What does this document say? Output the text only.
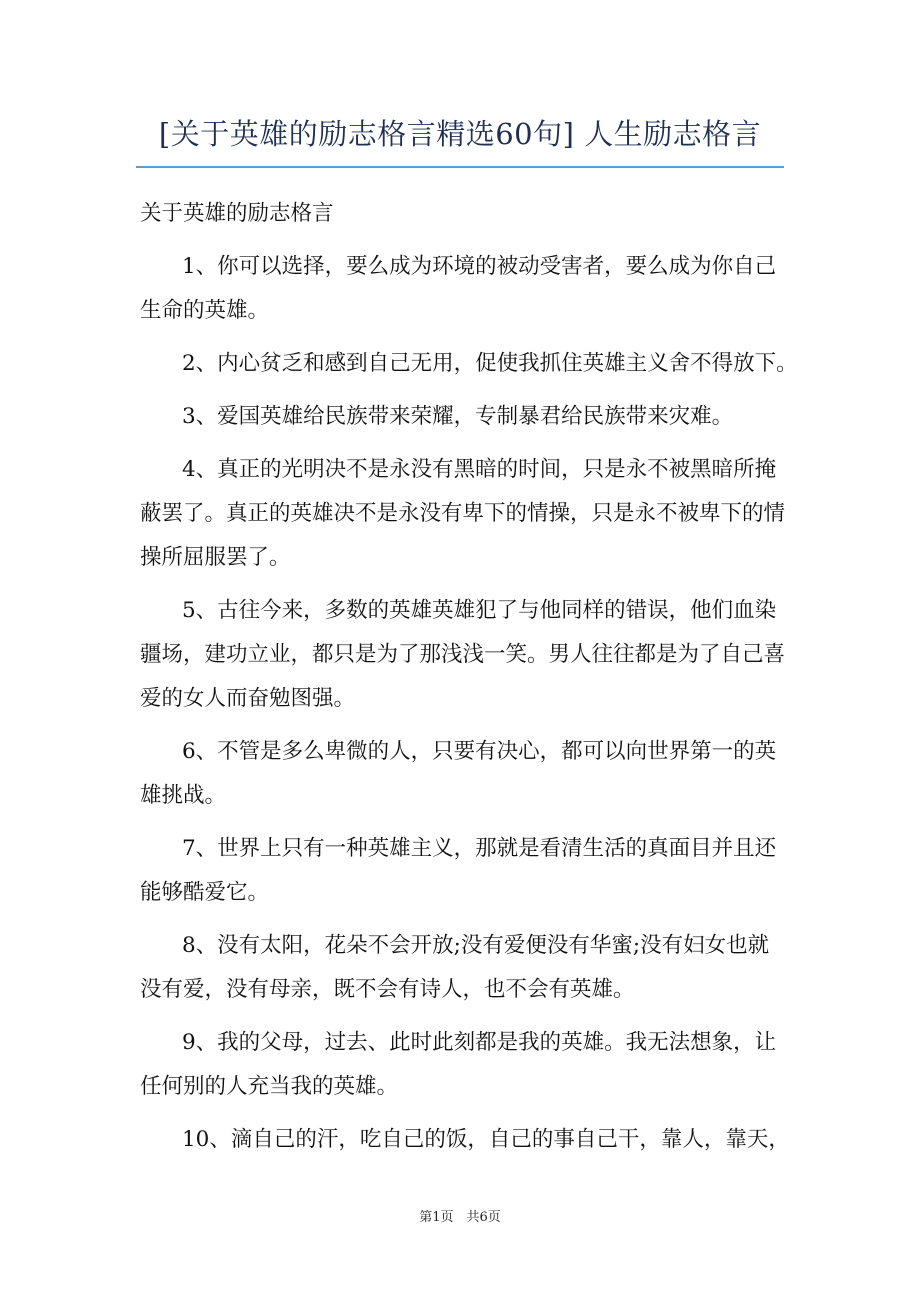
[关于英雄的励志格言精选60句] 人生励志格言
关于英雄的励志格言
1、你可以选择，要么成为环境的被动受害者，要么成为你自己
生命的英雄。
2、内心贫乏和感到自己无用，促使我抓住英雄主义舍不得放下。
3、爱国英雄给民族带来荣耀，专制暴君给民族带来灾难。
4、真正的光明决不是永没有黑暗的时间，只是永不被黑暗所掩
蔽罢了。真正的英雄决不是永没有卑下的情操，只是永不被卑下的情
操所屈服罢了。
5、古往今来，多数的英雄英雄犯了与他同样的错误，他们血染
疆场，建功立业，都只是为了那浅浅一笑。男人往往都是为了自己喜
爱的女人而奋勉图强。
6、不管是多么卑微的人，只要有决心，都可以向世界第一的英
雄挑战。
7、世界上只有一种英雄主义，那就是看清生活的真面目并且还
能够酷爱它。
8、没有太阳，花朵不会开放;没有爱便没有华蜜;没有妇女也就
没有爱，没有母亲，既不会有诗人，也不会有英雄。
9、我的父母，过去、此时此刻都是我的英雄。我无法想象，让
任何别的人充当我的英雄。
10、滴自己的汗，吃自己的饭，自己的事自己干，靠人，靠天，
第1页　共6页
